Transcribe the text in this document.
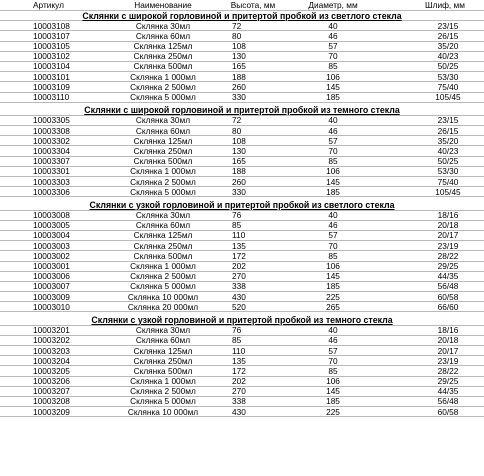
Артикул	Наименование	Высота, мм	Диаметр, мм	Шлиф, мм
Склянки с широкой горловиной и притертой пробкой из светлого стекла
10003108	Склянка 30мл	72	40	23/15
10003107	Склянка 60мл	80	46	26/15
10003105	Склянка 125мл	108	57	35/20
10003102	Склянка 250мл	130	70	40/23
10003104	Склянка 500мл	165	85	50/25
10003101	Склянка 1 000мл	188	106	53/30
10003109	Склянка 2 500мл	260	145	75/40
10003110	Склянка 5 000мл	330	185	105/45
Склянки с широкой горловиной и притертой пробкой из темного стекла
10003305	Склянка 30мл	72	40	23/15
10003308	Склянка 60мл	80	46	26/15
10003302	Склянка 125мл	108	57	35/20
10003304	Склянка 250мл	130	70	40/23
10003307	Склянка 500мл	165	85	50/25
10003301	Склянка 1 000мл	188	106	53/30
10003303	Склянка 2 500мл	260	145	75/40
10003306	Склянка 5 000мл	330	185	105/45
Склянки с узкой горловиной и притертой пробкой из светлого стекла
10003008	Склянка 30мл	76	40	18/16
10003005	Склянка 60мл	85	46	20/18
10003004	Склянка 125мл	110	57	20/17
10003003	Склянка 250мл	135	70	23/19
10003002	Склянка 500мл	172	85	28/22
10003001	Склянка 1 000мл	202	106	29/25
10003006	Склянка 2 500мл	270	145	44/35
10003007	Склянка 5 000мл	338	185	56/48
10003009	Склянка 10 000мл	430	225	60/58
10003010	Склянка 20 000мл	520	265	66/60
Склянки с узкой горловиной и притертой пробкой из темного стекла
10003201	Склянка 30мл	76	40	18/16
10003202	Склянка 60мл	85	46	20/18
10003203	Склянка 125мл	110	57	20/17
10003204	Склянка 250мл	135	70	23/19
10003205	Склянка 500мл	172	85	28/22
10003206	Склянка 1 000мл	202	106	29/25
10003207	Склянка 2 500мл	270	145	44/35
10003208	Склянка 5 000мл	338	185	56/48
10003209	Склянка 10 000мл	430	225	60/58
